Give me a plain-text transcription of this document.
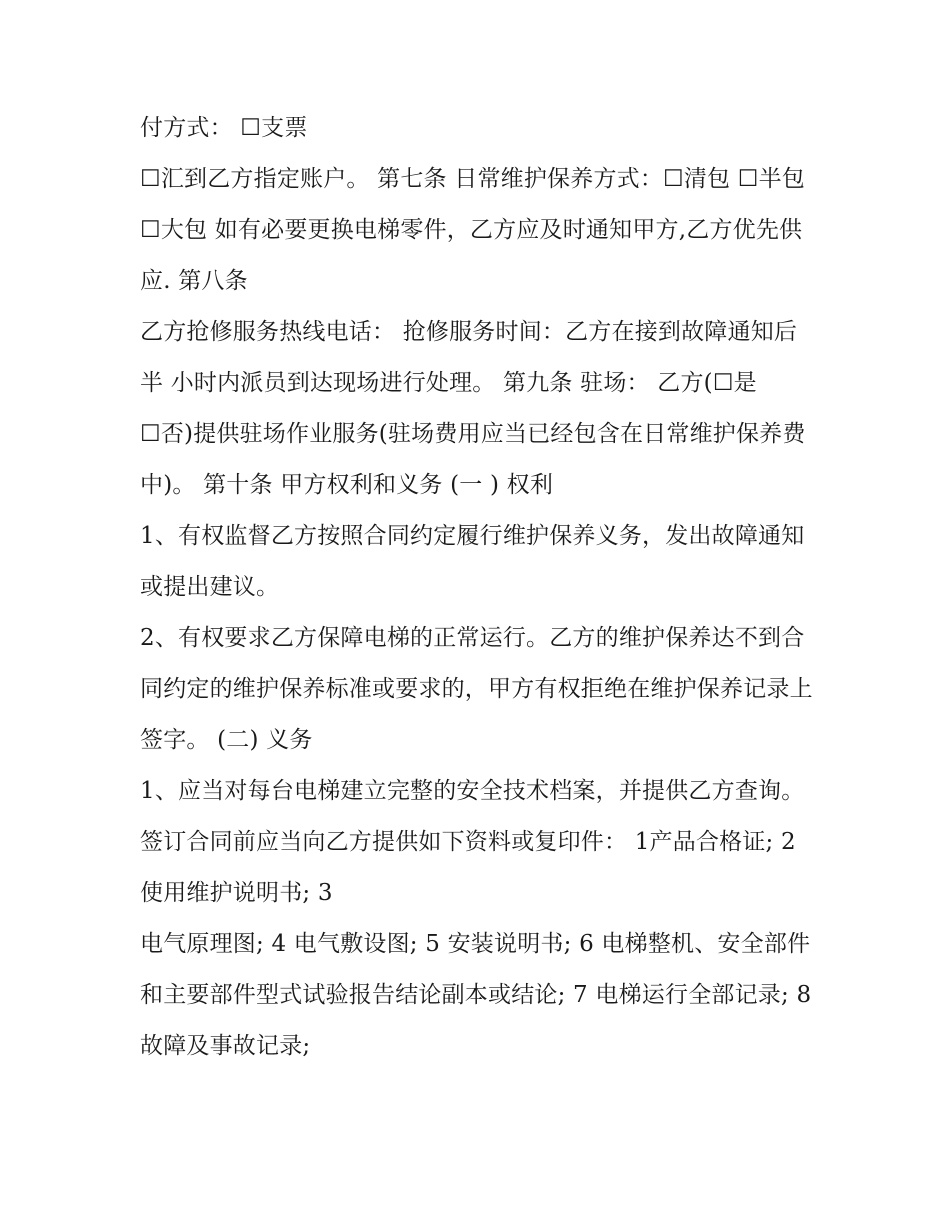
付方式： ☐支票

☐汇到乙方指定账户。 第七条 日常维护保养方式：☐清包 ☐半包 ☐大包 如有必要更换电梯零件，乙方应及时通知甲方,乙方优先供应. 第八条

乙方抢修服务热线电话： 抢修服务时间：乙方在接到故障通知后 半 小时内派员到达现场进行处理。 第九条 驻场： 乙方(☐是

☐否)提供驻场作业服务(驻场费用应当已经包含在日常维护保养费中)。 第十条 甲方权利和义务 (一 ) 权利

1、有权监督乙方按照合同约定履行维护保养义务，发出故障通知或提出建议。

2、有权要求乙方保障电梯的正常运行。乙方的维护保养达不到合同约定的维护保养标准或要求的，甲方有权拒绝在维护保养记录上签字。 (二) 义务

1、应当对每台电梯建立完整的安全技术档案，并提供乙方查询。签订合同前应当向乙方提供如下资料或复印件： 1产品合格证; 2 使用维护说明书; 3

电气原理图; 4 电气敷设图; 5 安装说明书; 6 电梯整机、安全部件和主要部件型式试验报告结论副本或结论; 7 电梯运行全部记录; 8 故障及事故记录;
